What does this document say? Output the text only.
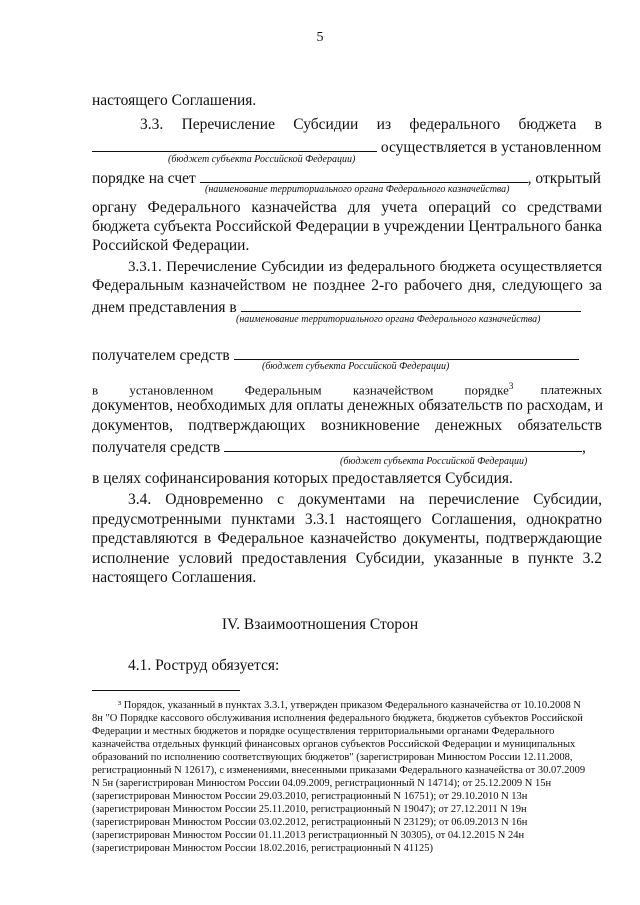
5
настоящего Соглашения.
3.3. Перечисление Субсидии из федерального бюджета в
осуществляется в установленном
(бюджет субъекта Российской Федерации)
порядке на счет	, открытый
(наименование территориального органа Федерального казначейства)
органу Федерального казначейства для учета операций со средствами
бюджета субъекта Российской Федерации в учреждении Центрального банка
Российской Федерации.
3.3.1. Перечисление Субсидии из федерального бюджета осуществляется
Федеральным казначейством не позднее 2-го рабочего дня, следующего за
днем представления в
(наименование территориального органа Федерального казначейства)
получателем средств
(бюджет субъекта Российской Федерации)
в установленном Федеральным казначейством порядке$^3$ платежных
документов, необходимых для оплаты денежных обязательств по расходам, и
документов, подтверждающих возникновение денежных обязательств
получателя средств	,
(бюджет субъекта Российской Федерации)
в целях софинансирования которых предоставляется Субсидия.
3.4. Одновременно с документами на перечисление Субсидии,
предусмотренными пунктами 3.3.1 настоящего Соглашения, однократно
представляются в Федеральное казначейство документы, подтверждающие
исполнение условий предоставления Субсидии, указанные в пункте 3.2
настоящего Соглашения.
IV. Взаимоотношения Сторон
4.1. Роструд обязуется:
³ Порядок, указанный в пунктах 3.3.1, утвержден приказом Федерального казначейства от 10.10.2008 N
8н "О Порядке кассового обслуживания исполнения федерального бюджета, бюджетов субъектов Российской
Федерации и местных бюджетов и порядке осуществления территориальными органами Федерального
казначейства отдельных функций финансовых органов субъектов Российской Федерации и муниципальных
образований по исполнению соответствующих бюджетов" (зарегистрирован Минюстом России 12.11.2008,
регистрационный N 12617), с изменениями, внесенными приказами Федерального казначейства от 30.07.2009
N 5н (зарегистрирован Минюстом России 04.09.2009, регистрационный N 14714); от 25.12.2009 N 15н
(зарегистрирован Минюстом России 29.03.2010, регистрационный N 16751); от 29.10.2010 N 13н
(зарегистрирован Минюстом России 25.11.2010, регистрационный N 19047); от 27.12.2011 N 19н
(зарегистрирован Минюстом России 03.02.2012, регистрационный N 23129); от 06.09.2013 N 16н
(зарегистрирован Минюстом России 01.11.2013 регистрационный N 30305), от 04.12.2015 N 24н
(зарегистрирован Минюстом России 18.02.2016, регистрационный N 41125)
